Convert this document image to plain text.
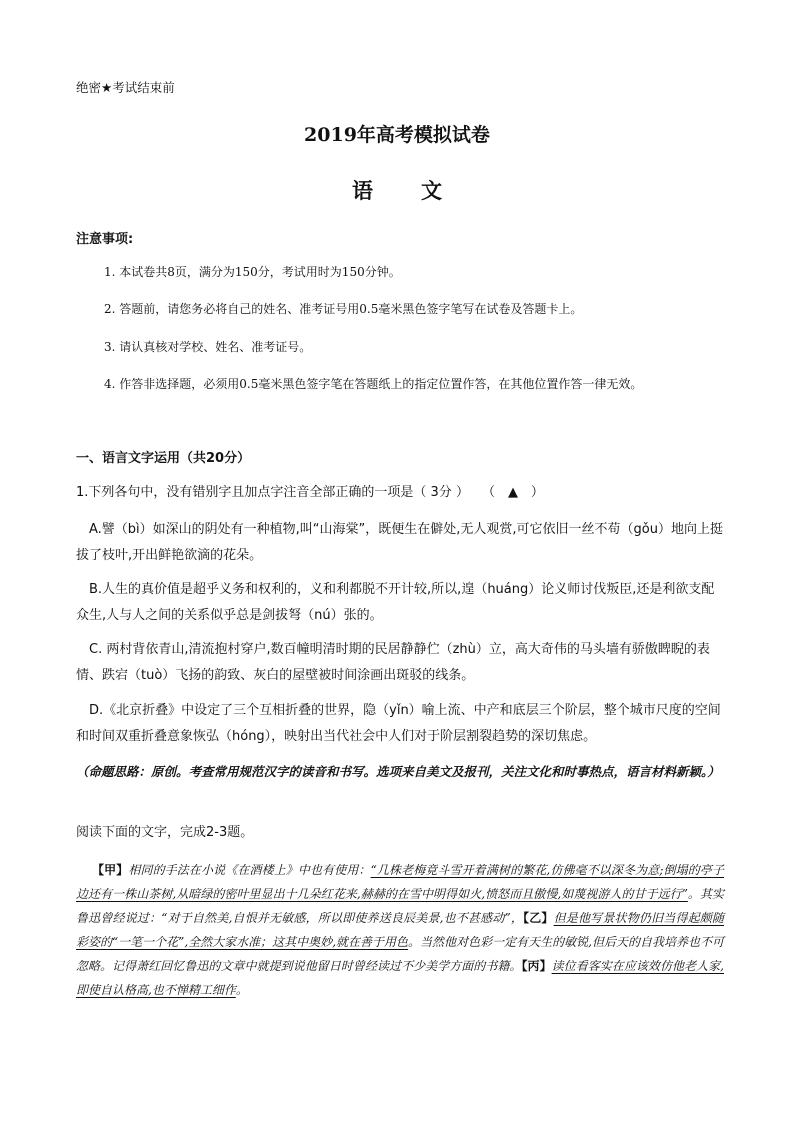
绝密★考试结束前
2019年高考模拟试卷
语 文
注意事项:
1. 本试卷共8页，满分为150分，考试用时为150分钟。
2. 答题前，请您务必将自己的姓名、准考证号用0.5毫米黑色签字笔写在试卷及答题卡上。
3. 请认真核对学校、姓名、准考证号。
4. 作答非选择题，必须用0.5毫米黑色签字笔在答题纸上的指定位置作答，在其他位置作答一律无效。
一、语言文字运用（共20分）
1.下列各句中，没有错别字且加点字注音全部正确的一项是（ 3分 ）　　（　▲　）
A.譬（bì）如深山的阴处有一种植物,叫“山海棠”，既便生在僻处,无人观赏,可它依旧一丝不苟（gǒu）地向上挺拔了枝叶,开出鲜艳欲滴的花朵。
B.人生的真价值是超乎义务和权利的，义和利都脱不开计较,所以,遑（huáng）论义师讨伐叛臣,还是利欲支配众生,人与人之间的关系似乎总是剑拔弩（nú）张的。
C. 两村背依青山,清流抱村穿户,数百幢明清时期的民居静静伫（zhù）立，高大奇伟的马头墙有骄傲睥睨的表情、跌宕（tuò）飞扬的韵致、灰白的屋壁被时间涂画出斑驳的线条。
D.《北京折叠》中设定了三个互相折叠的世界，隐（yǐn）喻上流、中产和底层三个阶层，整个城市尺度的空间和时间双重折叠意象恢弘（hóng），映射出当代社会中人们对于阶层割裂趋势的深切焦虑。
（命题思路：原创。考查常用规范汉字的读音和书写。选项来自美文及报刊，关注文化和时事热点，语言材料新颖。）
阅读下面的文字，完成2-3题。
【甲】相同的手法在小说《在酒楼上》中也有使用：“几株老梅竟斗雪开着满树的繁花,仿佛毫不以深冬为意;倒塌的亭子边还有一株山茶树,从暗绿的密叶里显出十几朵红花来,赫赫的在雪中明得如火,愤怒而且傲慢,如蔑视游人的甘于远行”。其实鲁迅曾经说过：“对于自然美,自恨并无敏感，所以即使养送良辰美景,也不甚感动”，【乙】但是他写景状物仍旧当得起颇随彩姿的“一笔一个花”,全然大家水准；这其中奥妙,就在善于用色。当然他对色彩一定有天生的敏锐,但后天的自我培养也不可忽略。记得萧红回忆鲁迅的文章中就提到说他留日时曾经读过不少美学方面的书籍。【丙】读位看客实在应该效仿他老人家,即使自认格高,也不惮精工细作。
